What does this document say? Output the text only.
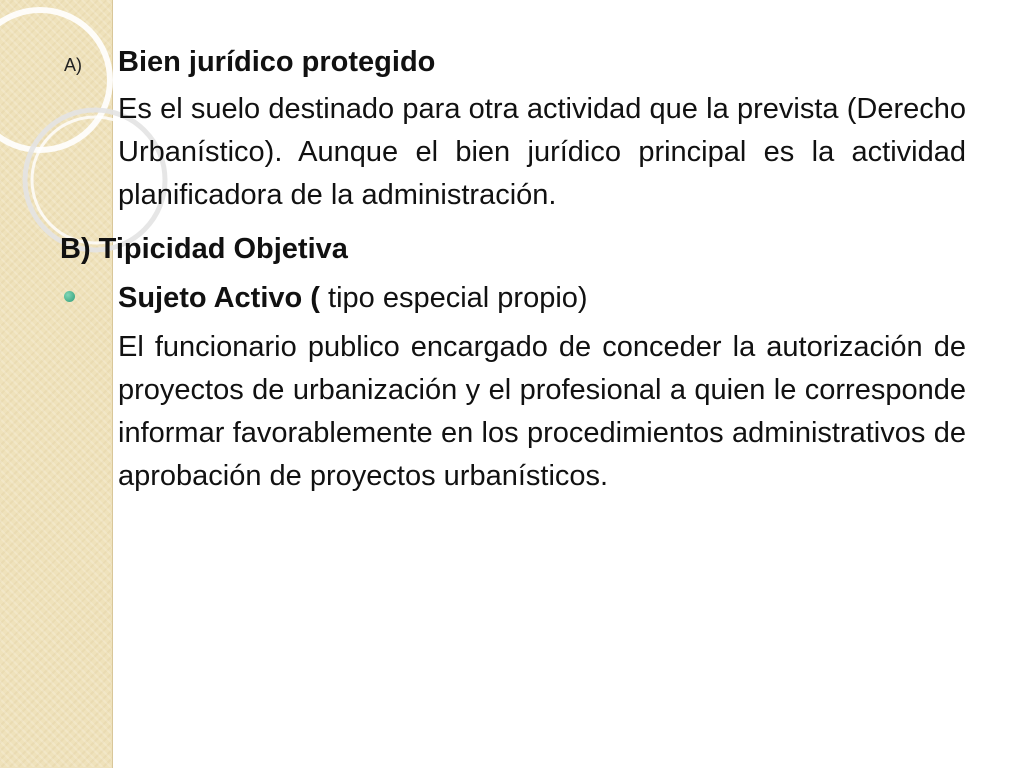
A)	Bien jurídico protegido
Es el suelo destinado para otra actividad que la prevista (Derecho Urbanístico). Aunque el bien jurídico principal es la actividad planificadora de la administración.
B) Tipicidad Objetiva
Sujeto Activo ( tipo especial propio)
El funcionario publico encargado de conceder la autorización de proyectos de urbanización y el profesional a quien le corresponde informar favorablemente en los procedimientos administrativos de aprobación de proyectos urbanísticos.
